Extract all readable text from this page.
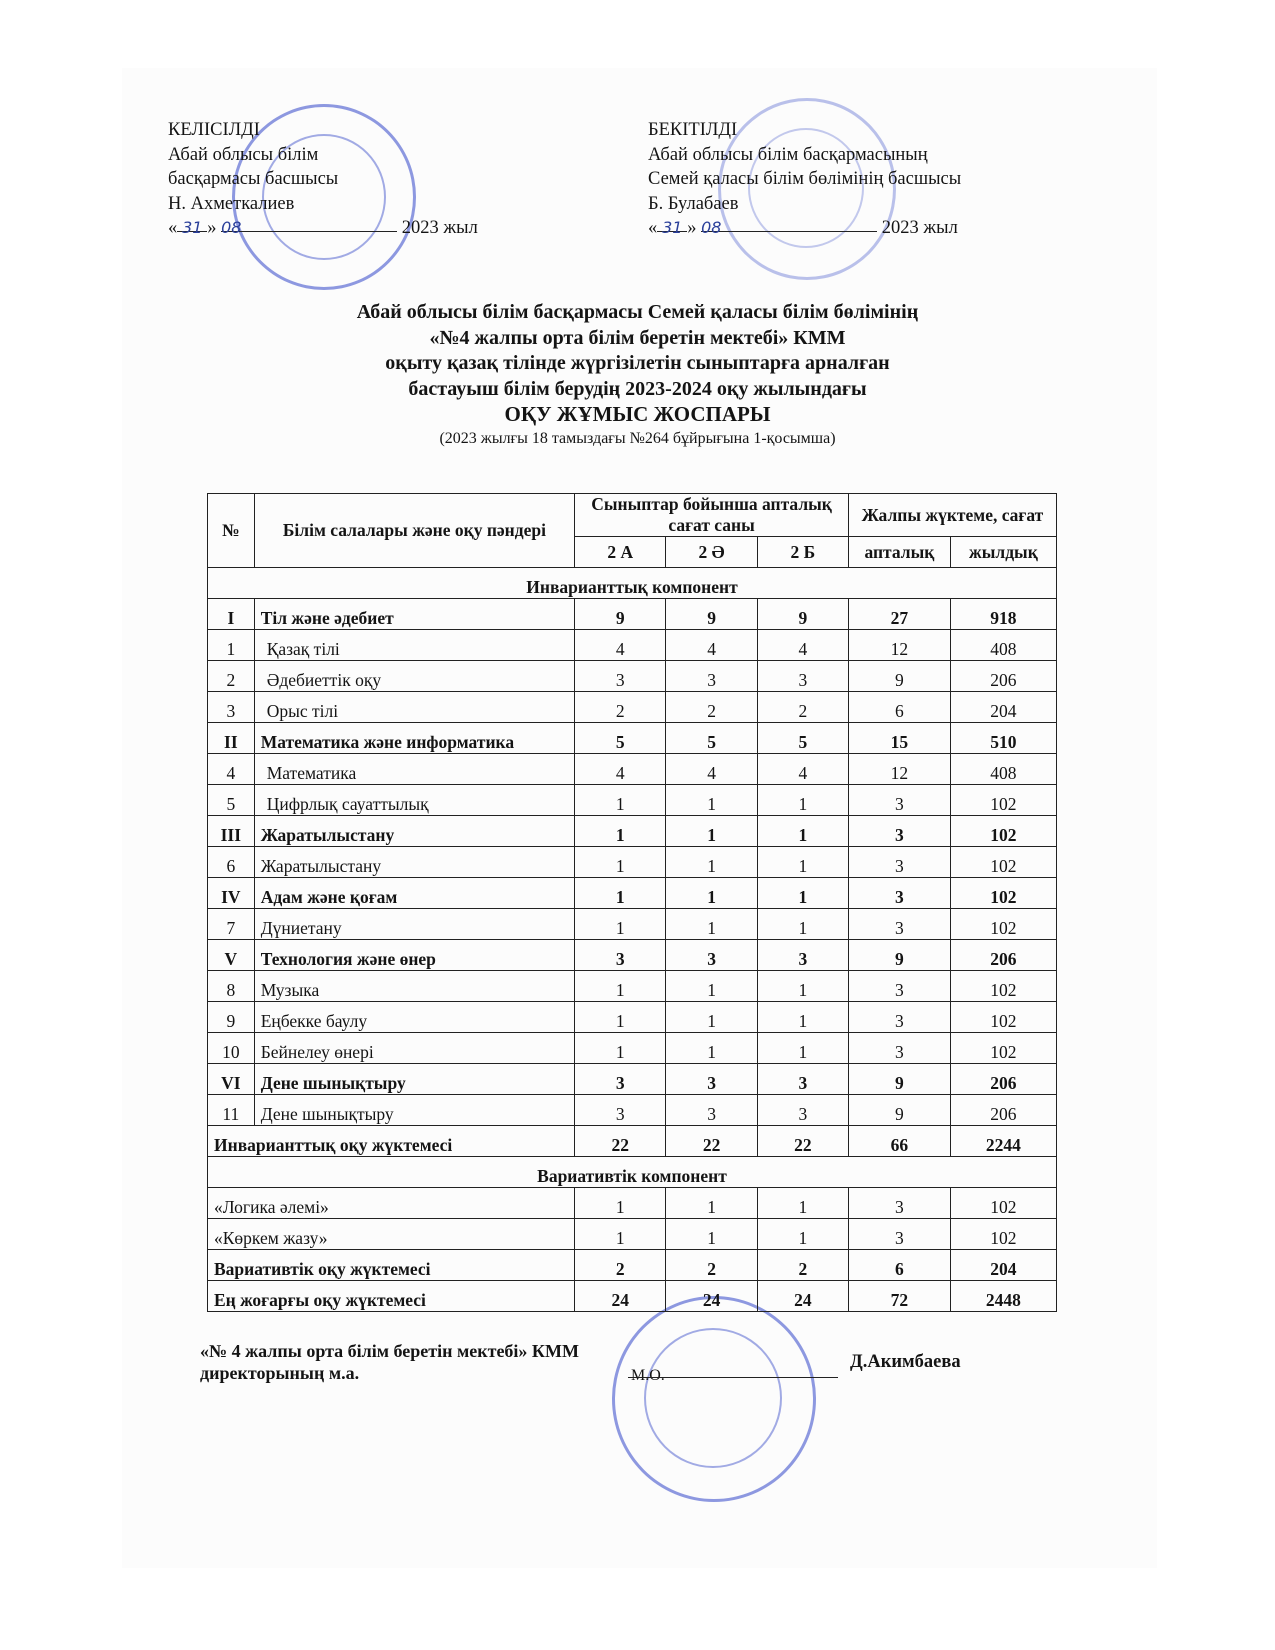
КЕЛІСІЛДІ
Абай облысы білім
басқармасы басшысы
Н. Ахметкалиев
« 31 » 08	2023 жыл
БЕКІТІЛДІ
Абай облысы білім басқармасының
Семей қаласы білім бөлімінің басшысы
Б. Булабаев
« 31 » 08	2023 жыл
Абай облысы білім басқармасы Семей қаласы білім бөлімінің
«№4 жалпы орта білім беретін мектебі» КММ
оқыту қазақ тілінде жүргізілетін сыныптарға арналған
бастауыш білім берудің 2023-2024 оқу жылындағы
ОҚУ ЖҰМЫС ЖОСПАРЫ
(2023 жылғы 18 тамыздағы №264 бұйрығына 1-қосымша)
№	Білім салалары және оқу пәндері	Сыныптар бойынша апталық сағат саны			Жалпы жүктеме, сағат	
		2 А	2 Ә	2 Б	апталық	жылдық
Инварианттық компонент						
I	Тіл және әдебиет	9	9	9	27	918
1	Қазақ тілі	4	4	4	12	408
2	Әдебиеттік оқу	3	3	3	9	206
3	Орыс тілі	2	2	2	6	204
II	Математика және информатика	5	5	5	15	510
4	Математика	4	4	4	12	408
5	Цифрлық сауаттылық	1	1	1	3	102
III	Жаратылыстану	1	1	1	3	102
6	Жаратылыстану	1	1	1	3	102
IV	Адам және қоғам	1	1	1	3	102
7	Дүниетану	1	1	1	3	102
V	Технология және өнер	3	3	3	9	206
8	Музыка	1	1	1	3	102
9	Еңбекке баулу	1	1	1	3	102
10	Бейнелеу өнері	1	1	1	3	102
VI	Дене шынықтыру	3	3	3	9	206
11	Дене шынықтыру	3	3	3	9	206
Инварианттық оқу жүктемесі		22	22	22	66	2244
Вариативтік компонент						
«Логика әлемі»		1	1	1	3	102
«Көркем жазу»		1	1	1	3	102
Вариативтік оқу жүктемесі		2	2	2	6	204
Ең жоғарғы оқу жүктемесі		24	24	24	72	2448
«№ 4 жалпы орта білім беретін мектебі» КММ
директорының м.а.	М.О.
Д.Акимбаева
